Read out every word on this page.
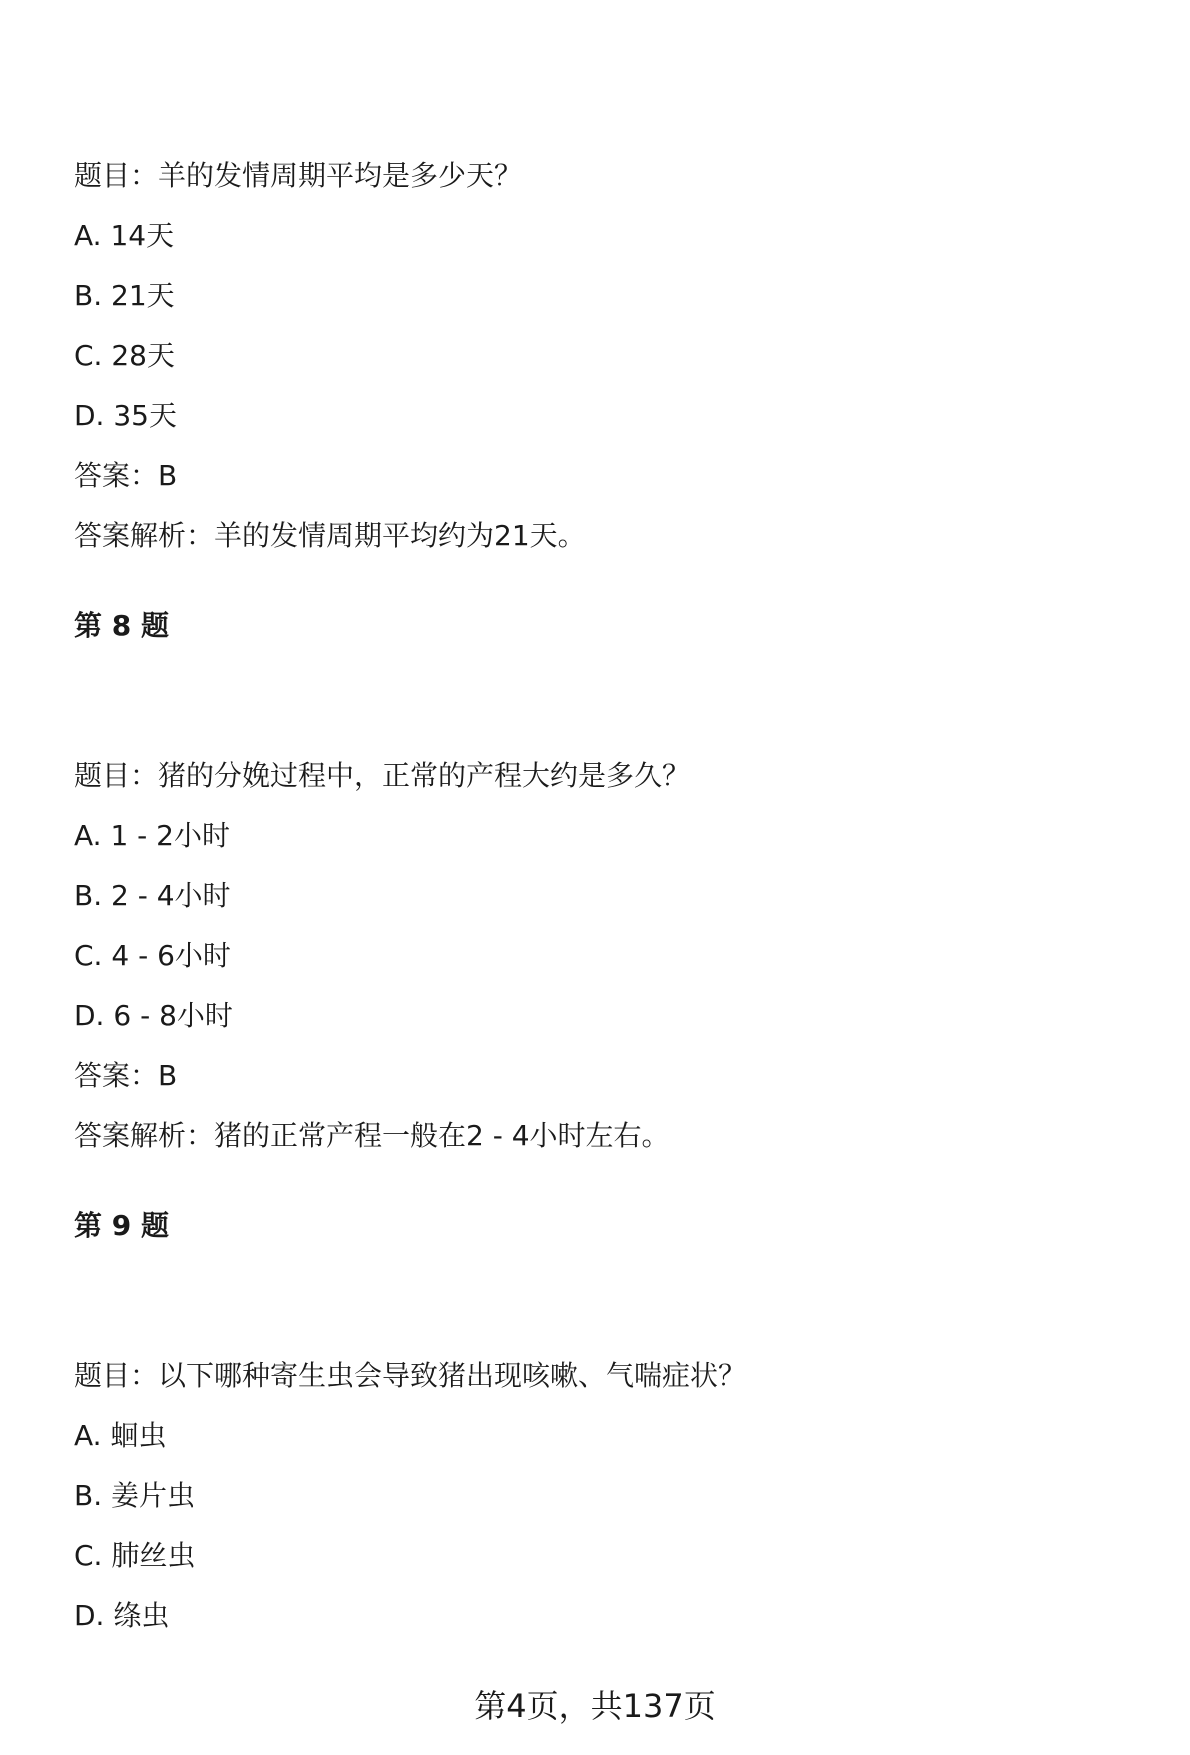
题目：羊的发情周期平均是多少天？
A. 14天
B. 21天
C. 28天
D. 35天
答案：B
答案解析：羊的发情周期平均约为21天。
第 8 题
题目：猪的分娩过程中，正常的产程大约是多久？
A. 1 - 2小时
B. 2 - 4小时
C. 4 - 6小时
D. 6 - 8小时
答案：B
答案解析：猪的正常产程一般在2 - 4小时左右。
第 9 题
题目：以下哪种寄生虫会导致猪出现咳嗽、气喘症状？
A. 蛔虫
B. 姜片虫
C. 肺丝虫
D. 绦虫
第4页，共137页
